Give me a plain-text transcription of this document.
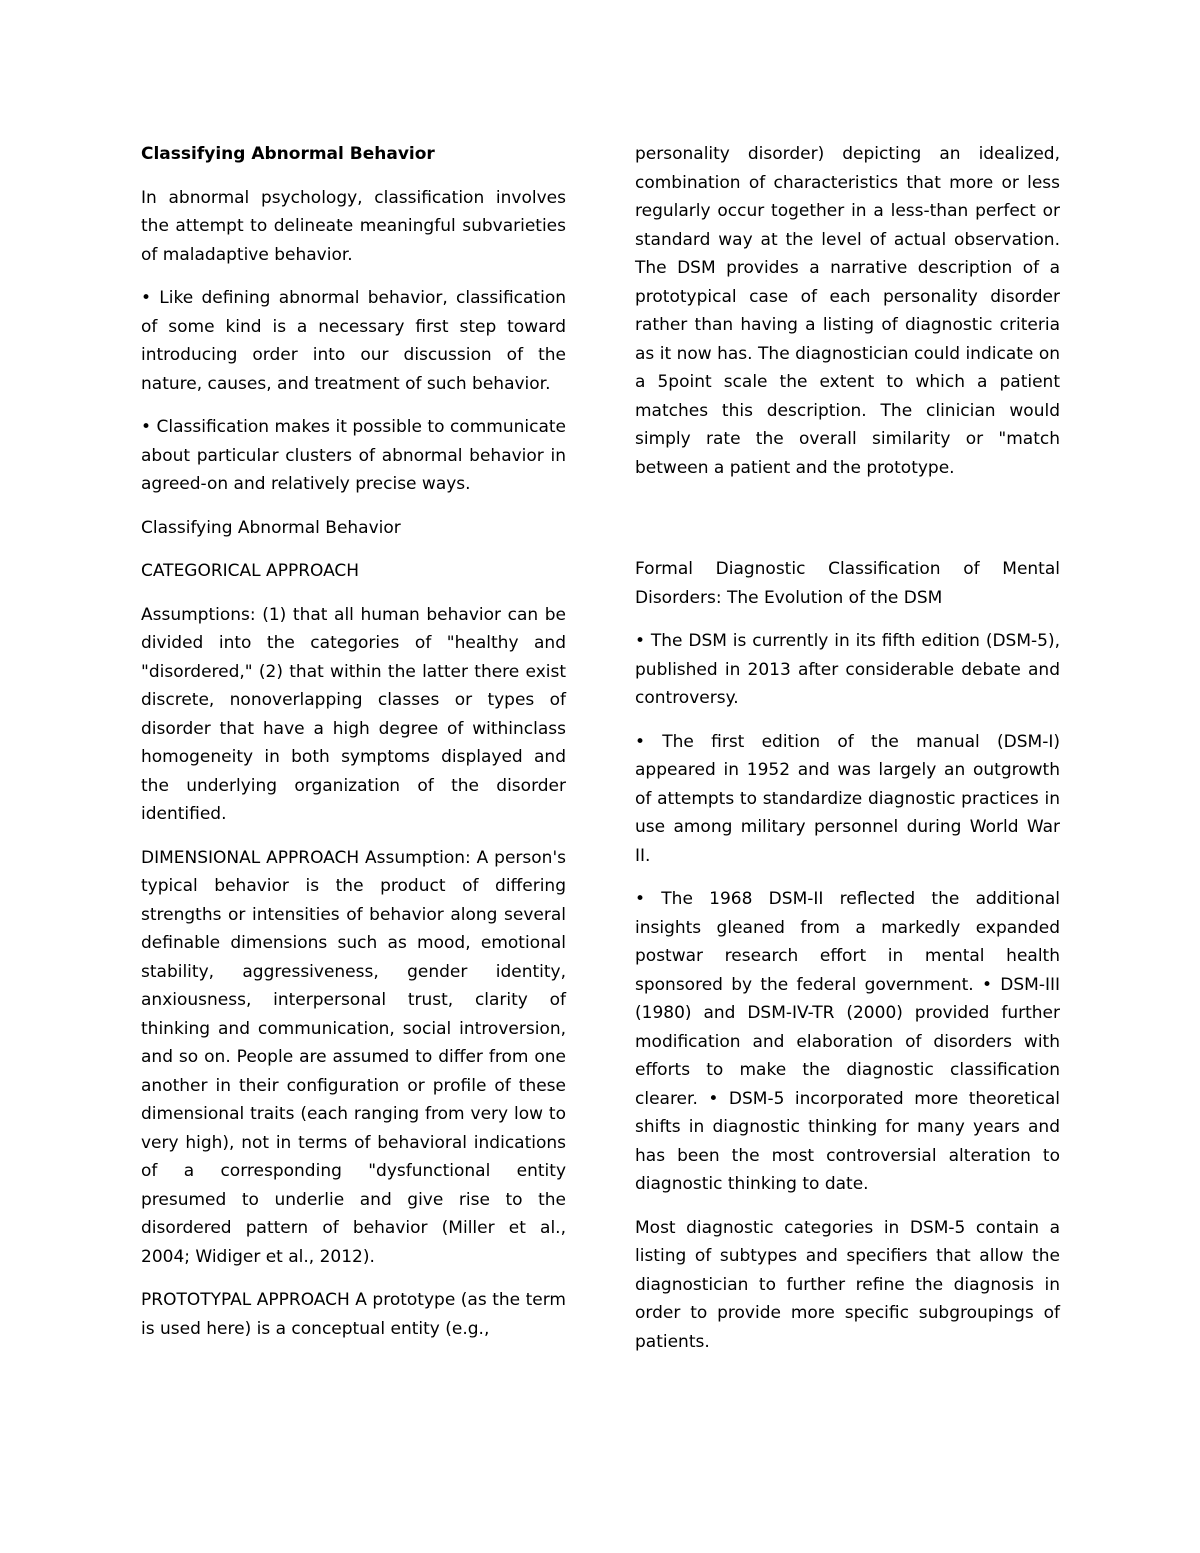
Classifying Abnormal Behavior

In abnormal psychology, classification involves the attempt to delineate meaningful subvarieties of maladaptive behavior.

• Like defining abnormal behavior, classification of some kind is a necessary first step toward introducing order into our discussion of the nature, causes, and treatment of such behavior.

• Classification makes it possible to communicate about particular clusters of abnormal behavior in agreed-on and relatively precise ways.

Classifying Abnormal Behavior

CATEGORICAL APPROACH

Assumptions: (1) that all human behavior can be divided into the categories of "healthy and "disordered," (2) that within the latter there exist discrete, nonoverlapping classes or types of disorder that have a high degree of withinclass homogeneity in both symptoms displayed and the underlying organization of the disorder identified.

DIMENSIONAL APPROACH Assumption: A person's typical behavior is the product of differing strengths or intensities of behavior along several definable dimensions such as mood, emotional stability, aggressiveness, gender identity, anxiousness, interpersonal trust, clarity of thinking and communication, social introversion, and so on. People are assumed to differ from one another in their configuration or profile of these dimensional traits (each ranging from very low to very high), not in terms of behavioral indications of a corresponding "dysfunctional entity presumed to underlie and give rise to the disordered pattern of behavior (Miller et al., 2004; Widiger et al., 2012).

PROTOTYPAL APPROACH A prototype (as the term is used here) is a conceptual entity (e.g.,

personality disorder) depicting an idealized, combination of characteristics that more or less regularly occur together in a less-than perfect or standard way at the level of actual observation. The DSM provides a narrative description of a prototypical case of each personality disorder rather than having a listing of diagnostic criteria as it now has. The diagnostician could indicate on a 5point scale the extent to which a patient matches this description. The clinician would simply rate the overall similarity or "match between a patient and the prototype.

Formal Diagnostic Classification of Mental Disorders: The Evolution of the DSM

• The DSM is currently in its fifth edition (DSM-5), published in 2013 after considerable debate and controversy.

• The first edition of the manual (DSM-I) appeared in 1952 and was largely an outgrowth of attempts to standardize diagnostic practices in use among military personnel during World War II.

• The 1968 DSM-II reflected the additional insights gleaned from a markedly expanded postwar research effort in mental health sponsored by the federal government. • DSM-III (1980) and DSM-IV-TR (2000) provided further modification and elaboration of disorders with efforts to make the diagnostic classification clearer. • DSM-5 incorporated more theoretical shifts in diagnostic thinking for many years and has been the most controversial alteration to diagnostic thinking to date.

Most diagnostic categories in DSM-5 contain a listing of subtypes and specifiers that allow the diagnostician to further refine the diagnosis in order to provide more specific subgroupings of patients.
